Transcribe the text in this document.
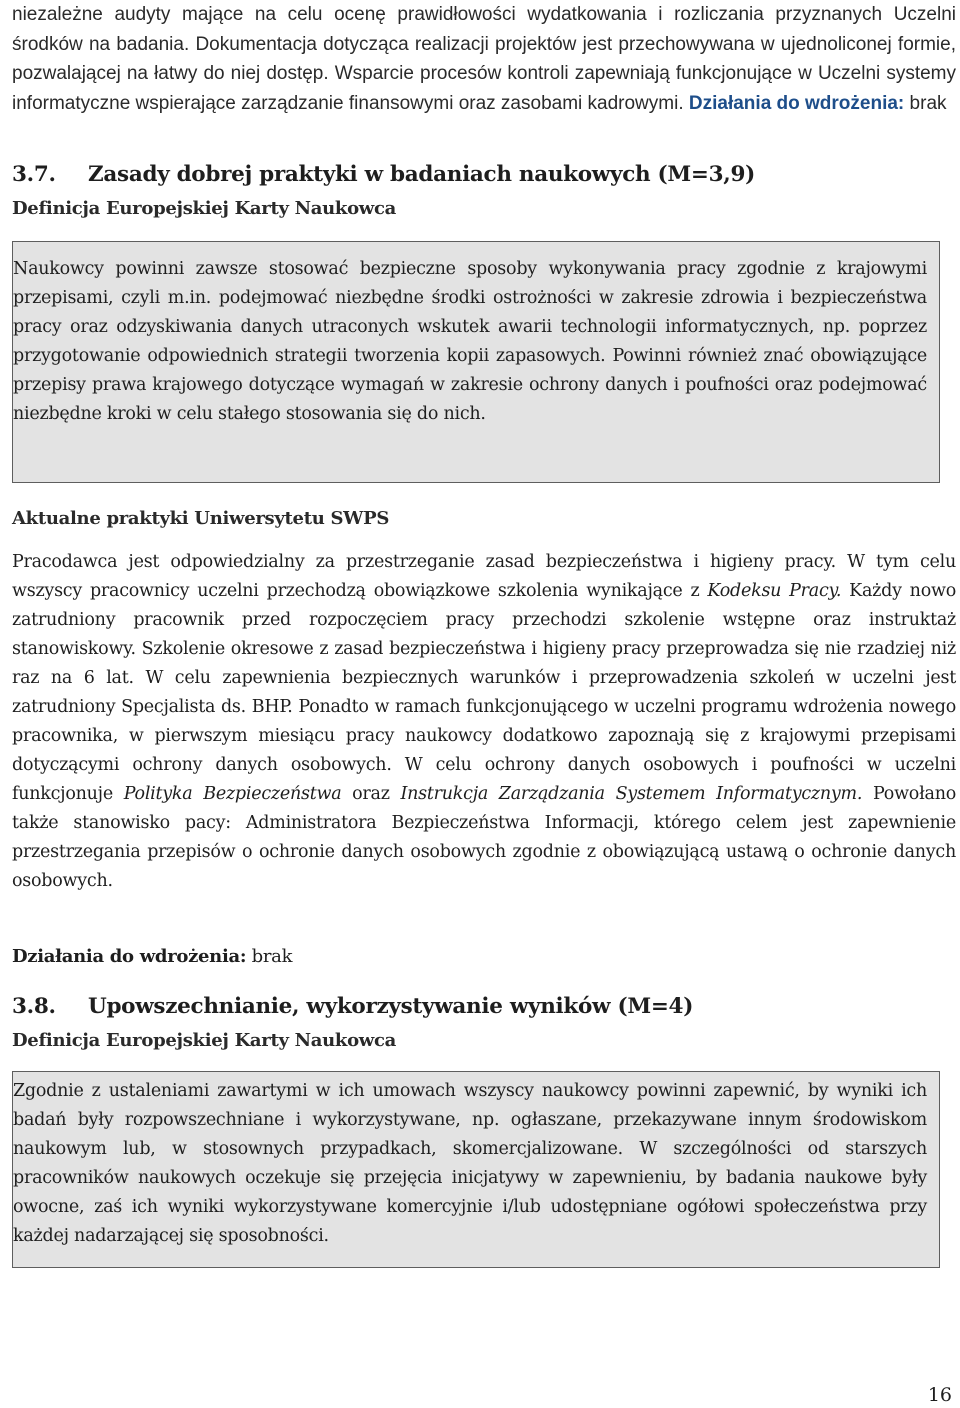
niezależne audyty mające na celu ocenę prawidłowości wydatkowania i rozliczania przyznanych Uczelni środków na badania. Dokumentacja dotycząca realizacji projektów jest przechowywana w ujednoliconej formie, pozwalającej na łatwy do niej dostęp. Wsparcie procesów kontroli zapewniają funkcjonujące w Uczelni systemy informatyczne wspierające zarządzanie finansowymi oraz zasobami kadrowymi. Działania do wdrożenia: brak

3.7. Zasady dobrej praktyki w badaniach naukowych (M=3,9)
Definicja Europejskiej Karty Naukowca

Naukowcy powinni zawsze stosować bezpieczne sposoby wykonywania pracy zgodnie z krajowymi przepisami, czyli m.in. podejmować niezbędne środki ostrożności w zakresie zdrowia i bezpieczeństwa pracy oraz odzyskiwania danych utraconych wskutek awarii technologii informatycznych, np. poprzez przygotowanie odpowiednich strategii tworzenia kopii zapasowych. Powinni również znać obowiązujące przepisy prawa krajowego dotyczące wymagań w zakresie ochrony danych i poufności oraz podejmować niezbędne kroki w celu stałego stosowania się do nich.

Aktualne praktyki Uniwersytetu SWPS

Pracodawca jest odpowiedzialny za przestrzeganie zasad bezpieczeństwa i higieny pracy. W tym celu wszyscy pracownicy uczelni przechodzą obowiązkowe szkolenia wynikające z Kodeksu Pracy. Każdy nowo zatrudniony pracownik przed rozpoczęciem pracy przechodzi szkolenie wstępne oraz instruktaż stanowiskowy. Szkolenie okresowe z zasad bezpieczeństwa i higieny pracy przeprowadza się nie rzadziej niż raz na 6 lat. W celu zapewnienia bezpiecznych warunków i przeprowadzenia szkoleń w uczelni jest zatrudniony Specjalista ds. BHP. Ponadto w ramach funkcjonującego w uczelni programu wdrożenia nowego pracownika, w pierwszym miesiącu pracy naukowcy dodatkowo zapoznają się z krajowymi przepisami dotyczącymi ochrony danych osobowych. W celu ochrony danych osobowych i poufności w uczelni funkcjonuje Polityka Bezpieczeństwa oraz Instrukcja Zarządzania Systemem Informatycznym. Powołano także stanowisko pacy: Administratora Bezpieczeństwa Informacji, którego celem jest zapewnienie przestrzegania przepisów o ochronie danych osobowych zgodnie z obowiązującą ustawą o ochronie danych osobowych.

Działania do wdrożenia: brak
3.8. Upowszechnianie, wykorzystywanie wyników (M=4)
Definicja Europejskiej Karty Naukowca

Zgodnie z ustaleniami zawartymi w ich umowach wszyscy naukowcy powinni zapewnić, by wyniki ich badań były rozpowszechniane i wykorzystywane, np. ogłaszane, przekazywane innym środowiskom naukowym lub, w stosownych przypadkach, skomercjalizowane. W szczególności od starszych pracowników naukowych oczekuje się przejęcia inicjatywy w zapewnieniu, by badania naukowe były owocne, zaś ich wyniki wykorzystywane komercyjnie i/lub udostępniane ogółowi społeczeństwa przy każdej nadarzającej się sposobności.

16
